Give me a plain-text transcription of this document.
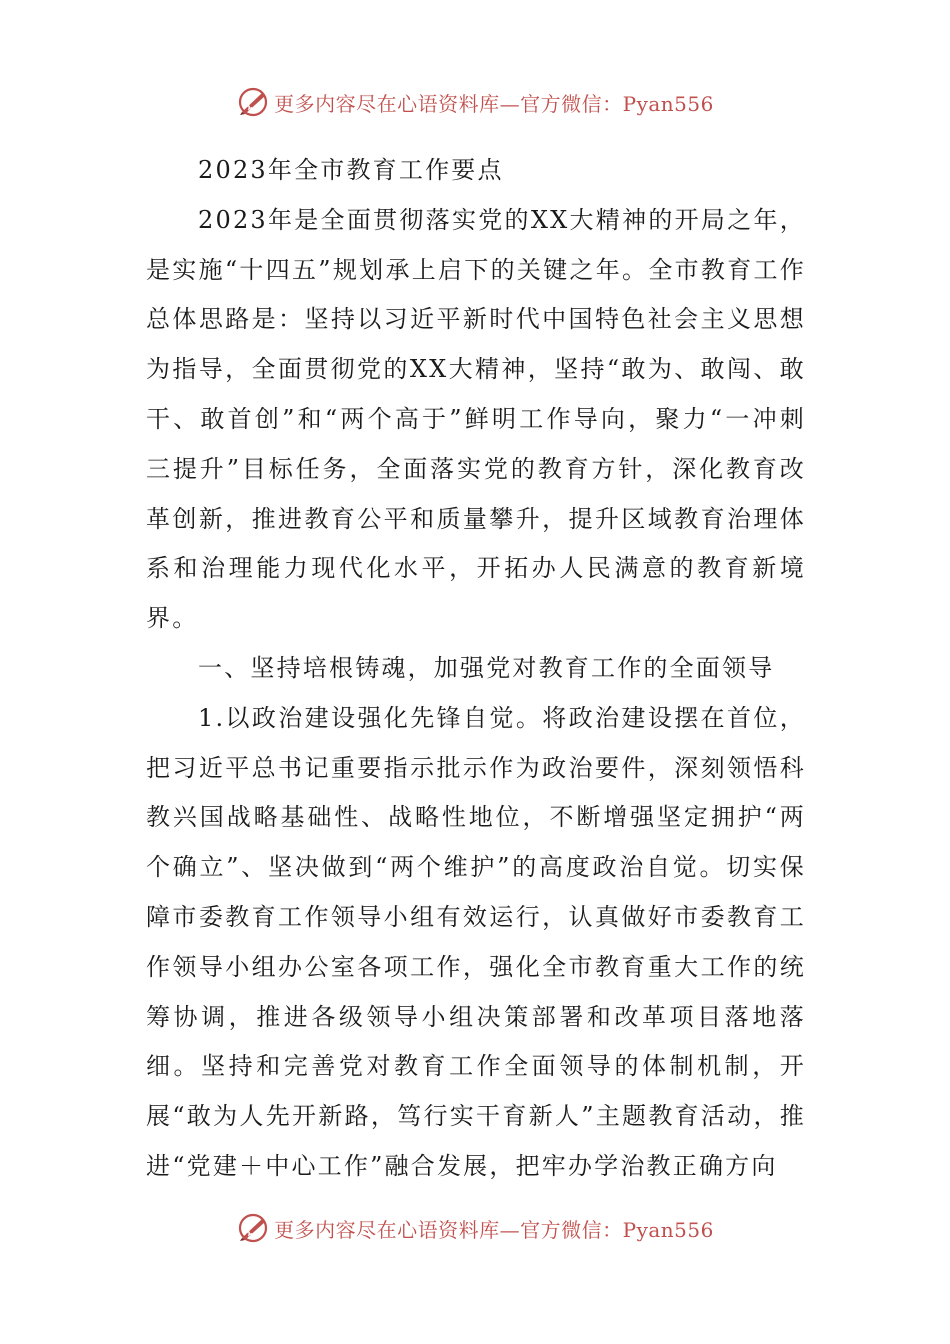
更多内容尽在心语资料库—官方微信：Pyan556

2023年全市教育工作要点

2023年是全面贯彻落实党的XX大精神的开局之年，是实施“十四五”规划承上启下的关键之年。全市教育工作总体思路是：坚持以习近平新时代中国特色社会主义思想为指导，全面贯彻党的XX大精神，坚持“敢为、敢闯、敢干、敢首创”和“两个高于”鲜明工作导向，聚力“一冲刺三提升”目标任务，全面落实党的教育方针，深化教育改革创新，推进教育公平和质量攀升，提升区域教育治理体系和治理能力现代化水平，开拓办人民满意的教育新境界。

一、坚持培根铸魂，加强党对教育工作的全面领导

1.以政治建设强化先锋自觉。将政治建设摆在首位，把习近平总书记重要指示批示作为政治要件，深刻领悟科教兴国战略基础性、战略性地位，不断增强坚定拥护“两个确立”、坚决做到“两个维护”的高度政治自觉。切实保障市委教育工作领导小组有效运行，认真做好市委教育工作领导小组办公室各项工作，强化全市教育重大工作的统筹协调，推进各级领导小组决策部署和改革项目落地落细。坚持和完善党对教育工作全面领导的体制机制，开展“敢为人先开新路，笃行实干育新人”主题教育活动，推进“党建＋中心工作”融合发展，把牢办学治教正确方向

更多内容尽在心语资料库—官方微信：Pyan556
